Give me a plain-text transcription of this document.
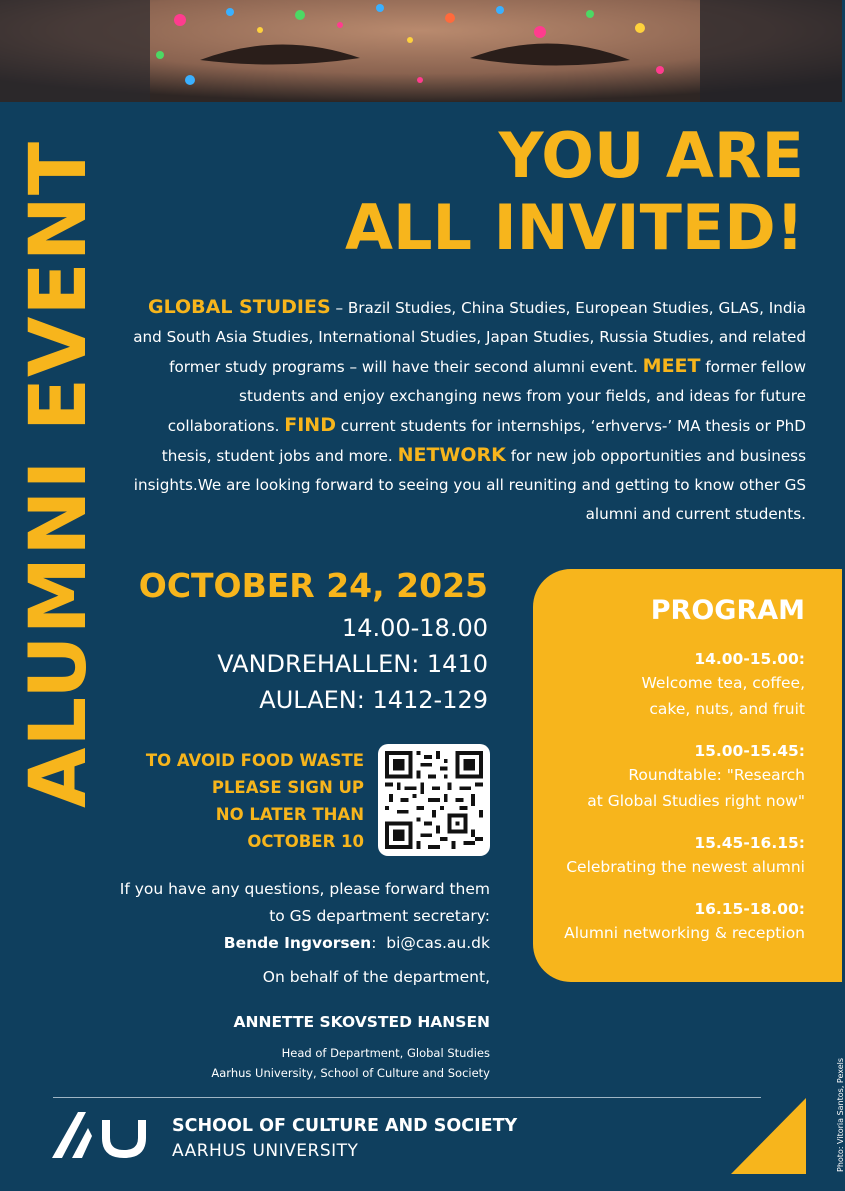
ALUMNI EVENT	YOU ARE
ALL INVITED!
GLOBAL STUDIES – Brazil Studies, China Studies, European Studies, GLAS, India and South Asia Studies, International Studies, Japan Studies, Russia Studies, and related former study programs – will have their second alumni event. MEET former fellow students and enjoy exchanging news from your fields, and ideas for future collaborations. FIND current students for internships, ‘erhvervs-’ MA thesis or PhD thesis, student jobs and more. NETWORK for new job opportunities and business insights.We are looking forward to seeing you all reuniting and getting to know other GS alumni and current students.
OCTOBER 24, 2025
14.00-18.00
VANDREHALLEN: 1410
AULAEN: 1412-129
TO AVOID FOOD WASTE
PLEASE SIGN UP
NO LATER THAN
OCTOBER 10
If you have any questions, please forward them
to GS department secretary:
Bende Ingvorsen:  bi@cas.au.dk
On behalf of the department,
ANNETTE SKOVSTED HANSEN
Head of Department, Global Studies
Aarhus University, School of Culture and Society
PROGRAM
14.00-15.00:
Welcome tea, coffee,
cake, nuts, and fruit
15.00-15.45:
Roundtable: "Research
at Global Studies right now"
15.45-16.15:
Celebrating the newest alumni
16.15-18.00:
Alumni networking & reception
SCHOOL OF CULTURE AND SOCIETY
AARHUS UNIVERSITY	Photo: Vitoria Santos, Pexels
